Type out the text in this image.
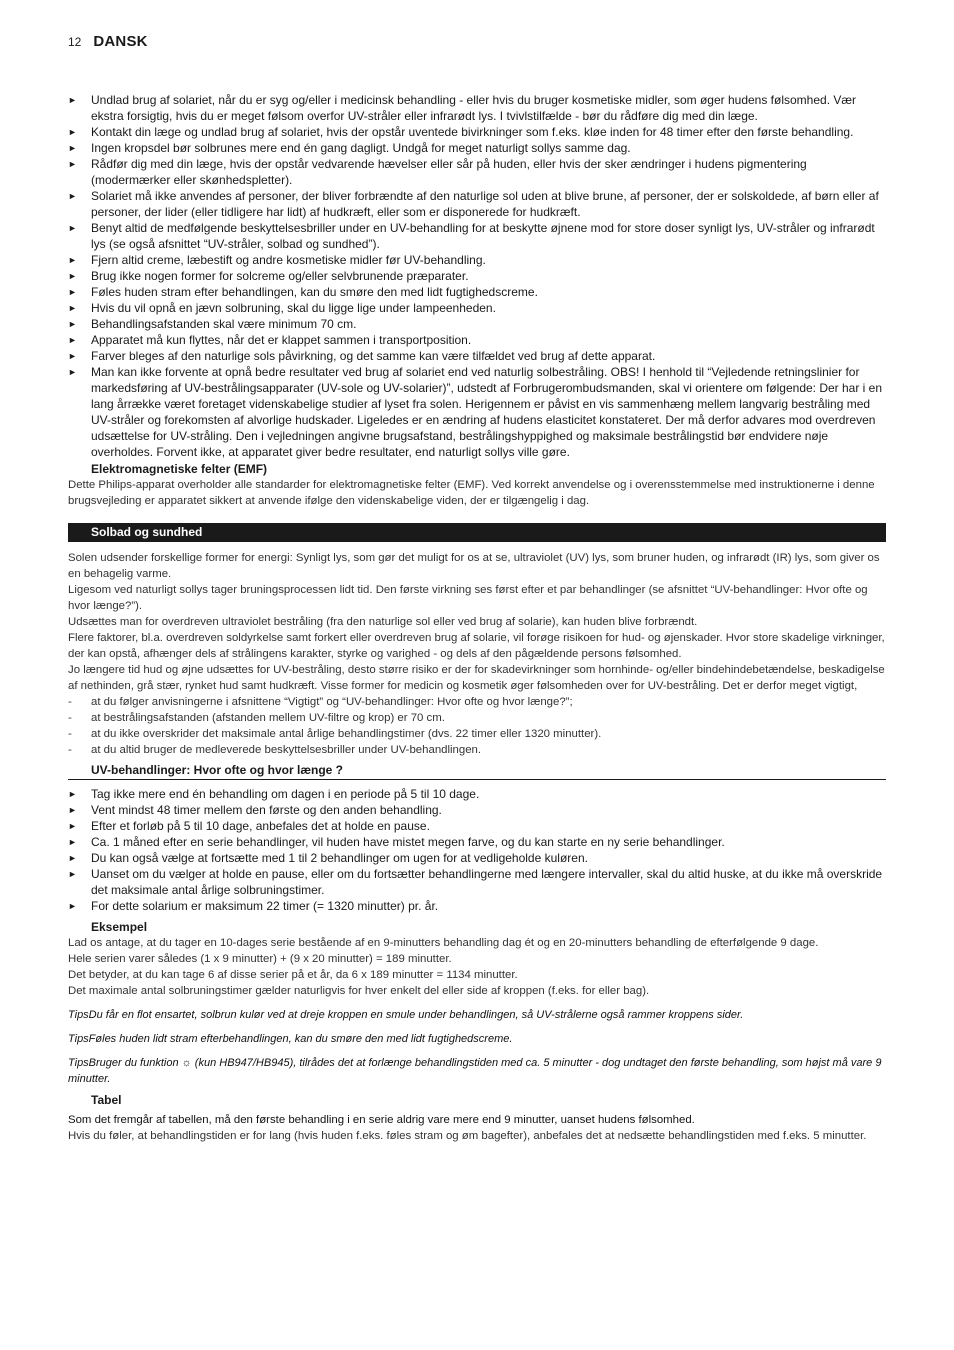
12 DANSK
► Undlad brug af solariet, når du er syg og/eller i medicinsk behandling - eller hvis du bruger kosmetiske midler, som øger hudens følsomhed. Vær ekstra forsigtig, hvis du er meget følsom overfor UV-stråler eller infrarødt lys. I tvivlstilfælde - bør du rådføre dig med din læge.
► Kontakt din læge og undlad brug af solariet, hvis der opstår uventede bivirkninger som f.eks. kløe inden for 48 timer efter den første behandling.
► Ingen kropsdel bør solbrunes mere end én gang dagligt. Undgå for meget naturligt sollys samme dag.
► Rådfør dig med din læge, hvis der opstår vedvarende hævelser eller sår på huden, eller hvis der sker ændringer i hudens pigmentering (modermærker eller skønhedspletter).
► Solariet må ikke anvendes af personer, der bliver forbrændte af den naturlige sol uden at blive brune, af personer, der er solskoldede, af børn eller af personer, der lider (eller tidligere har lidt) af hudkræft, eller som er disponerede for hudkræft.
► Benyt altid de medfølgende beskyttelsesbriller under en UV-behandling for at beskytte øjnene mod for store doser synligt lys, UV-stråler og infrarødt lys (se også afsnittet “UV-stråler, solbad og sundhed”).
► Fjern altid creme, læbestift og andre kosmetiske midler før UV-behandling.
► Brug ikke nogen former for solcreme og/eller selvbrunende præparater.
► Føles huden stram efter behandlingen, kan du smøre den med lidt fugtighedscreme.
► Hvis du vil opnå en jævn solbruning, skal du ligge lige under lampeenheden.
► Behandlingsafstanden skal være minimum 70 cm.
► Apparatet må kun flyttes, når det er klappet sammen i transportposition.
► Farver bleges af den naturlige sols påvirkning, og det samme kan være tilfældet ved brug af dette apparat.
► Man kan ikke forvente at opnå bedre resultater ved brug af solariet end ved naturlig solbestråling. OBS! I henhold til “Vejledende retningslinier for markedsføring af UV-bestrålingsapparater (UV-sole og UV-solarier)”, udstedt af Forbrugerombudsmanden, skal vi orientere om følgende: Der har i en lang årrække været foretaget videnskabelige studier af lyset fra solen. Herigennem er påvist en vis sammenhæng mellem langvarig bestråling med UV-stråler og forekomsten af alvorlige hudskader. Ligeledes er en ændring af hudens elasticitet konstateret. Der må derfor advares mod overdreven udsættelse for UV-stråling. Den i vejledningen angivne brugsafstand, bestrålingshyppighed og maksimale bestrålingstid bør endvidere nøje overholdes. Forvent ikke, at apparatet giver bedre resultater, end naturligt sollys ville gøre.
Elektromagnetiske felter (EMF)
Dette Philips-apparat overholder alle standarder for elektromagnetiske felter (EMF). Ved korrekt anvendelse og i overensstemmelse med instruktionerne i denne brugsvejleding er apparatet sikkert at anvende ifølge den videnskabelige viden, der er tilgængelig i dag.
Solbad og sundhed
Solen udsender forskellige former for energi: Synligt lys, som gør det muligt for os at se, ultraviolet (UV) lys, som bruner huden, og infrarødt (IR) lys, som giver os en behagelig varme.
Ligesom ved naturligt sollys tager bruningsprocessen lidt tid. Den første virkning ses først efter et par behandlinger (se afsnittet “UV-behandlinger: Hvor ofte og hvor længe?”).
Udsættes man for overdreven ultraviolet bestråling (fra den naturlige sol eller ved brug af solarie), kan huden blive forbrændt.
Flere faktorer, bl.a. overdreven soldyrkelse samt forkert eller overdreven brug af solarie, vil forøge risikoen for hud- og øjenskader. Hvor store skadelige virkninger, der kan opstå, afhænger dels af strålingens karakter, styrke og varighed - og dels af den pågældende persons følsomhed.
Jo længere tid hud og øjne udsættes for UV-bestråling, desto større risiko er der for skadevirkninger som hornhinde- og/eller bindehindebetændelse, beskadigelse af nethinden, grå stær, rynket hud samt hudkræft. Visse former for medicin og kosmetik øger følsomheden over for UV-bestråling. Det er derfor meget vigtigt,
- at du følger anvisningerne i afsnittene “Vigtigt” og “UV-behandlinger: Hvor ofte og hvor længe?”;
- at bestrålingsafstanden (afstanden mellem UV-filtre og krop) er 70 cm.
- at du ikke overskrider det maksimale antal årlige behandlingstimer (dvs. 22 timer eller 1320 minutter).
- at du altid bruger de medleverede beskyttelsesbriller under UV-behandlingen.
UV-behandlinger: Hvor ofte og hvor længe ?
► Tag ikke mere end én behandling om dagen i en periode på 5 til 10 dage.
► Vent mindst 48 timer mellem den første og den anden behandling.
► Efter et forløb på 5 til 10 dage, anbefales det at holde en pause.
► Ca. 1 måned efter en serie behandlinger, vil huden have mistet megen farve, og du kan starte en ny serie behandlinger.
► Du kan også vælge at fortsætte med 1 til 2 behandlinger om ugen for at vedligeholde kuløren.
► Uanset om du vælger at holde en pause, eller om du fortsætter behandlingerne med længere intervaller, skal du altid huske, at du ikke må overskride det maksimale antal årlige solbruningstimer.
► For dette solarium er maksimum 22 timer (= 1320 minutter) pr. år.
Eksempel
Lad os antage, at du tager en 10-dages serie bestående af en 9-minutters behandling dag ét og en 20-minutters behandling de efterfølgende 9 dage.
Hele serien varer således (1 x 9 minutter) + (9 x 20 minutter) = 189 minutter.
Det betyder, at du kan tage 6 af disse serier på et år, da 6 x 189 minutter = 1134 minutter.
Det maximale antal solbruningstimer gælder naturligvis for hver enkelt del eller side af kroppen (f.eks. for eller bag).
TipsDu får en flot ensartet, solbrun kulør ved at dreje kroppen en smule under behandlingen, så UV-strålerne også rammer kroppens sider.
TipsFøles huden lidt stram efterbehandlingen, kan du smøre den med lidt fugtighedscreme.
TipsBruger du funktion ☼ (kun HB947/HB945), tilrådes det at forlænge behandlingstiden med ca. 5 minutter - dog undtaget den første behandling, som højst må vare 9 minutter.
Tabel
Som det fremgår af tabellen, må den første behandling i en serie aldrig vare mere end 9 minutter, uanset hudens følsomhed.
Hvis du føler, at behandlingstiden er for lang (hvis huden f.eks. føles stram og øm bagefter), anbefales det at nedsætte behandlingstiden med f.eks. 5 minutter.
